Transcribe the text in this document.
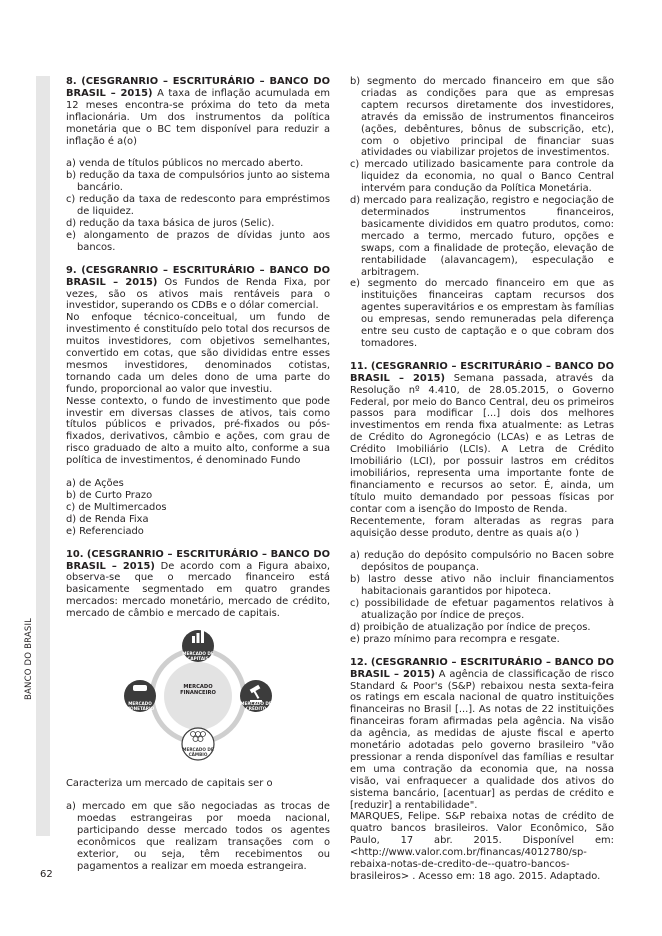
BANCO DO BRASIL
62

8. (CESGRANRIO – ESCRITURÁRIO – BANCO DO BRASIL – 2015) A taxa de inflação acumulada em 12 meses encontra-se próxima do teto da meta inflacionária. Um dos instrumentos da política monetária que o BC tem disponível para reduzir a inflação é a(o)

a) venda de títulos públicos no mercado aberto.

b) redução da taxa de compulsórios junto ao sistema bancário.

c) redução da taxa de redesconto para empréstimos de liquidez.

d) redução da taxa básica de juros (Selic).

e) alongamento de prazos de dívidas junto aos bancos.

9. (CESGRANRIO – ESCRITURÁRIO – BANCO DO BRASIL – 2015) Os Fundos de Renda Fixa, por vezes, são os ativos mais rentáveis para o investidor, superando os CDBs e o dólar comercial.

No enfoque técnico-conceitual, um fundo de investimento é constituído pelo total dos recursos de muitos investidores, com objetivos semelhantes, convertido em cotas, que são divididas entre esses mesmos investidores, denominados cotistas, tornando cada um deles dono de uma parte do fundo, proporcional ao valor que investiu.

Nesse contexto, o fundo de investimento que pode investir em diversas classes de ativos, tais como títulos públicos e privados, pré-fixados ou pós-fixados, derivativos, câmbio e ações, com grau de risco graduado de alto a muito alto, conforme a sua política de investimentos, é denominado Fundo

a) de Ações

b) de Curto Prazo

c) de Multimercados

d) de Renda Fixa

e) Referenciado

10. (CESGRANRIO – ESCRITURÁRIO – BANCO DO BRASIL – 2015) De acordo com a Figura abaixo, observa-se que o mercado financeiro está basicamente segmentado em quatro grandes mercados: mercado monetário, mercado de crédito, mercado de câmbio e mercado de capitais.

MERCADO FINANCEIRO
MERCADO DE CAPITAIS
MERCADO DE CRÉDITO
MERCADO DE CÂMBIO
MERCADO MONETÁRIO

Caracteriza um mercado de capitais ser o

a) mercado em que são negociadas as trocas de moedas estrangeiras por moeda nacional, participando desse mercado todos os agentes econômicos que realizam transações com o exterior, ou seja, têm recebimentos ou pagamentos a realizar em moeda estrangeira.

b) segmento do mercado financeiro em que são criadas as condições para que as empresas captem recursos diretamente dos investidores, através da emissão de instrumentos financeiros (ações, debêntures, bônus de subscrição, etc), com o objetivo principal de financiar suas atividades ou viabilizar projetos de investimentos.

c) mercado utilizado basicamente para controle da liquidez da economia, no qual o Banco Central intervém para condução da Política Monetária.

d) mercado para realização, registro e negociação de determinados instrumentos financeiros, basicamente divididos em quatro produtos, como: mercado a termo, mercado futuro, opções e swaps, com a finalidade de proteção, elevação de rentabilidade (alavancagem), especulação e arbitragem.

e) segmento do mercado financeiro em que as instituições financeiras captam recursos dos agentes superavitários e os emprestam às famílias ou empresas, sendo remuneradas pela diferença entre seu custo de captação e o que cobram dos tomadores.

11. (CESGRANRIO – ESCRITURÁRIO – BANCO DO BRASIL – 2015) Semana passada, através da Resolução nº 4.410, de 28.05.2015, o Governo Federal, por meio do Banco Central, deu os primeiros passos para modificar [...] dois dos melhores investimentos em renda fixa atualmente: as Letras de Crédito do Agronegócio (LCAs) e as Letras de Crédito Imobiliário (LCIs). A Letra de Crédito Imobiliário (LCI), por possuir lastros em créditos imobiliários, representa uma importante fonte de financiamento e recursos ao setor. É, ainda, um título muito demandado por pessoas físicas por contar com a isenção do Imposto de Renda.

Recentemente, foram alteradas as regras para aquisição desse produto, dentre as quais a(o )

a) redução do depósito compulsório no Bacen sobre depósitos de poupança.

b) lastro desse ativo não incluir financiamentos habitacionais garantidos por hipoteca.

c) possibilidade de efetuar pagamentos relativos à atualização por índice de preços.

d) proibição de atualização por índice de preços.

e) prazo mínimo para recompra e resgate.

12. (CESGRANRIO – ESCRITURÁRIO – BANCO DO BRASIL – 2015) A agência de classificação de risco Standard & Poor's (S&P) rebaixou nesta sexta-feira os ratings em escala nacional de quatro instituições financeiras no Brasil [...]. As notas de 22 instituições financeiras foram afirmadas pela agência. Na visão da agência, as medidas de ajuste fiscal e aperto monetário adotadas pelo governo brasileiro "vão pressionar a renda disponível das famílias e resultar em uma contração da economia que, na nossa visão, vai enfraquecer a qualidade dos ativos do sistema bancário, [acentuar] as perdas de crédito e [reduzir] a rentabilidade".

MARQUES, Felipe. S&P rebaixa notas de crédito de quatro bancos brasileiros. Valor Econômico, São Paulo, 17 abr. 2015. Disponível em:<http://www.valor.com.br/financas/4012780/sp-rebaixa-notas-de-credito-de--quatro-bancos-brasileiros> . Acesso em: 18 ago. 2015. Adaptado.
